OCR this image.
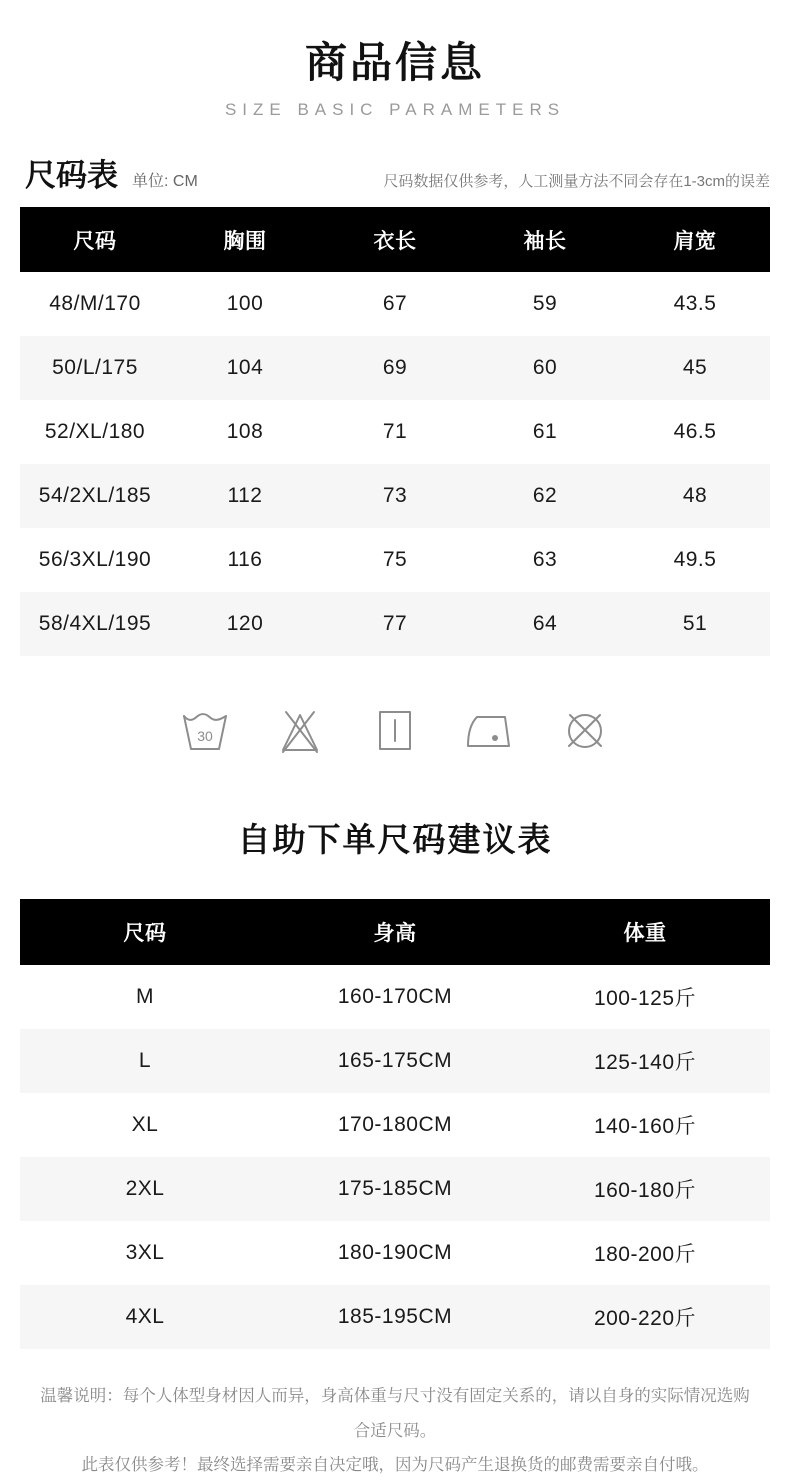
商品信息
SIZE BASIC PARAMETERS
尺码表 单位: CM	尺码数据仅供参考，人工测量方法不同会存在1-3cm的误差
尺码	胸围	衣长	袖长	肩宽
48/M/170	100	67	59	43.5
50/L/175	104	69	60	45
52/XL/180	108	71	61	46.5
54/2XL/185	112	73	62	48
56/3XL/190	116	75	63	49.5
58/4XL/195	120	77	64	51
30
自助下单尺码建议表
尺码	身高	体重
M	160-170CM	100-125斤
L	165-175CM	125-140斤
XL	170-180CM	140-160斤
2XL	175-185CM	160-180斤
3XL	180-190CM	180-200斤
4XL	185-195CM	200-220斤
温馨说明：每个人体型身材因人而异，身高体重与尺寸没有固定关系的，请以自身的实际情况选购合适尺码。
此表仅供参考！最终选择需要亲自决定哦，因为尺码产生退换货的邮费需要亲自付哦。
